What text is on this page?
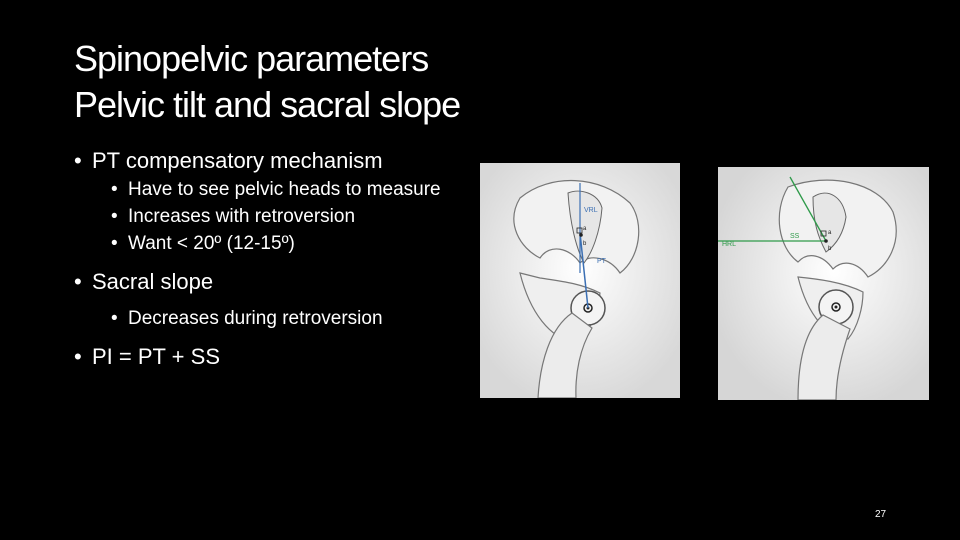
Spinopelvic parameters
Pelvic tilt and sacral slope
• PT compensatory mechanism
• Have to see pelvic heads to measure
• Increases with retroversion
• Want < 20º (12-15º)
• Sacral slope
• Decreases during retroversion
• PI = PT + SS
VRL
PT
a
b	HRL
SS	a
b
27
